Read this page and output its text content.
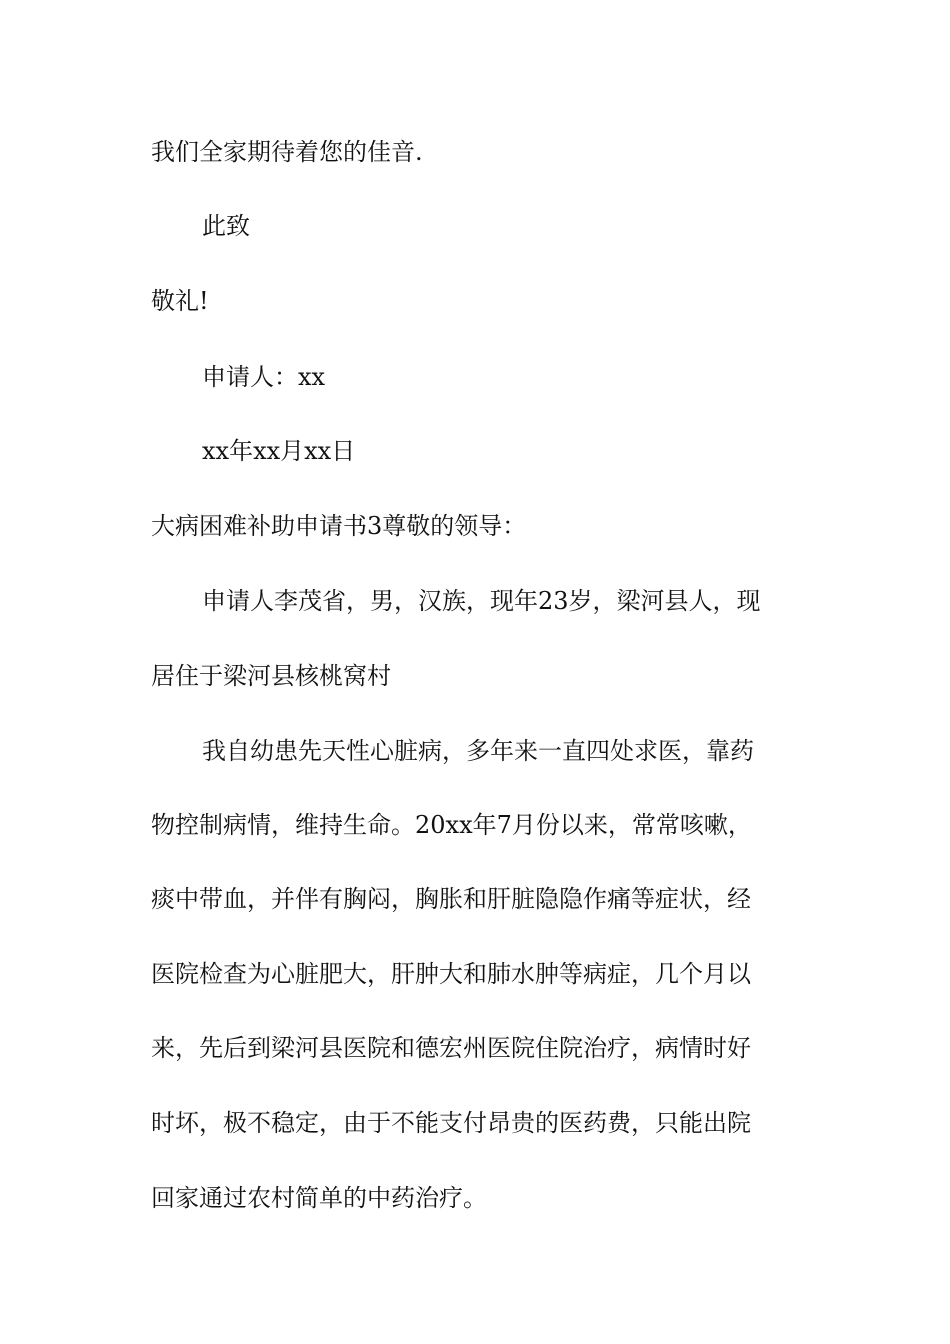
我们全家期待着您的佳音.
此致
敬礼!
申请人：xx
xx年xx月xx日
大病困难补助申请书3尊敬的领导：
申请人李茂省，男，汉族，现年23岁，梁河县人，现
居住于梁河县核桃窝村
我自幼患先天性心脏病，多年来一直四处求医，靠药
物控制病情，维持生命。20xx年7月份以来，常常咳嗽，
痰中带血，并伴有胸闷，胸胀和肝脏隐隐作痛等症状，经
医院检查为心脏肥大，肝肿大和肺水肿等病症，几个月以
来，先后到梁河县医院和德宏州医院住院治疗，病情时好
时坏，极不稳定，由于不能支付昂贵的医药费，只能出院
回家通过农村简单的中药治疗。
